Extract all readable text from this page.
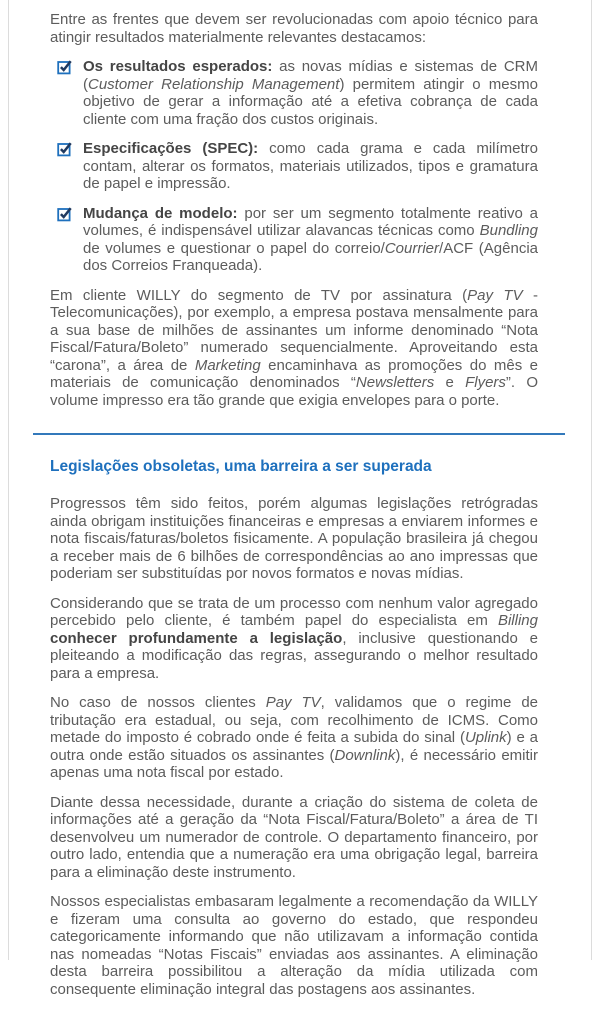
Entre as frentes que devem ser revolucionadas com apoio técnico para atingir resultados materialmente relevantes destacamos:

Os resultados esperados: as novas mídias e sistemas de CRM (Customer Relationship Management) permitem atingir o mesmo objetivo de gerar a informação até a efetiva cobrança de cada cliente com uma fração dos custos originais.
Especificações (SPEC): como cada grama e cada milímetro contam, alterar os formatos, materiais utilizados, tipos e gramatura de papel e impressão.
Mudança de modelo: por ser um segmento totalmente reativo a volumes, é indispensável utilizar alavancas técnicas como Bundling de volumes e questionar o papel do correio/Courrier/ACF (Agência dos Correios Franqueada).

Em cliente WILLY do segmento de TV por assinatura (Pay TV - Telecomunicações), por exemplo, a empresa postava mensalmente para a sua base de milhões de assinantes um informe denominado “Nota Fiscal/Fatura/Boleto” numerado sequencialmente. Aproveitando esta “carona”, a área de Marketing encaminhava as promoções do mês e materiais de comunicação denominados “Newsletters e Flyers”. O volume impresso era tão grande que exigia envelopes para o porte.

Legislações obsoletas, uma barreira a ser superada

Progressos têm sido feitos, porém algumas legislações retrógradas ainda obrigam instituições financeiras e empresas a enviarem informes e nota fiscais/faturas/boletos fisicamente. A população brasileira já chegou a receber mais de 6 bilhões de correspondências ao ano impressas que poderiam ser substituídas por novos formatos e novas mídias.

Considerando que se trata de um processo com nenhum valor agregado percebido pelo cliente, é também papel do especialista em Billing conhecer profundamente a legislação, inclusive questionando e pleiteando a modificação das regras, assegurando o melhor resultado para a empresa.

No caso de nossos clientes Pay TV, validamos que o regime de tributação era estadual, ou seja, com recolhimento de ICMS. Como metade do imposto é cobrado onde é feita a subida do sinal (Uplink) e a outra onde estão situados os assinantes (Downlink), é necessário emitir apenas uma nota fiscal por estado.

Diante dessa necessidade, durante a criação do sistema de coleta de informações até a geração da “Nota Fiscal/Fatura/Boleto” a área de TI desenvolveu um numerador de controle. O departamento financeiro, por outro lado, entendia que a numeração era uma obrigação legal, barreira para a eliminação deste instrumento.

Nossos especialistas embasaram legalmente a recomendação da WILLY e fizeram uma consulta ao governo do estado, que respondeu categoricamente informando que não utilizavam a informação contida nas nomeadas “Notas Fiscais” enviadas aos assinantes. A eliminação desta barreira possibilitou a alteração da mídia utilizada com consequente eliminação integral das postagens aos assinantes.
